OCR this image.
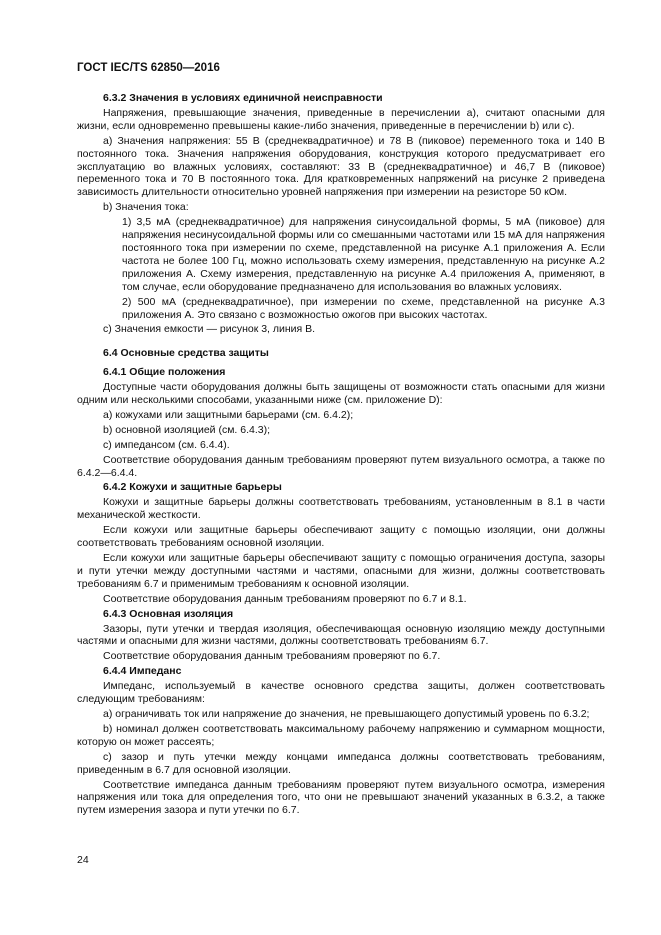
ГОСТ IEC/TS 62850—2016
6.3.2 Значения в условиях единичной неисправности
Напряжения, превышающие значения, приведенные в перечислении а), считают опасными для жизни, если одновременно превышены какие-либо значения, приведенные в перечислении b) или с).
а) Значения напряжения: 55 В (среднеквадратичное) и 78 В (пиковое) переменного тока и 140 В постоянного тока. Значения напряжения оборудования, конструкция которого предусматривает его эксплуатацию во влажных условиях, составляют: 33 В (среднеквадратичное) и 46,7 В (пиковое) переменного тока и 70 В постоянного тока. Для кратковременных напряжений на рисунке 2 приведена зависимость длительности относительно уровней напряжения при измерении на резисторе 50 кОм.
b) Значения тока:
1) 3,5 мА (среднеквадратичное) для напряжения синусоидальной формы, 5 мА (пиковое) для напряжения несинусоидальной формы или со смешанными частотами или 15 мА для напряжения постоянного тока при измерении по схеме, представленной на рисунке А.1 приложения А. Если частота не более 100 Гц, можно использовать схему измерения, представленную на рисунке А.2 приложения А. Схему измерения, представленную на рисунке А.4 приложения А, применяют, в том случае, если оборудование предназначено для использования во влажных условиях.
2) 500 мА (среднеквадратичное), при измерении по схеме, представленной на рисунке А.3 приложения А. Это связано с возможностью ожогов при высоких частотах.
с) Значения емкости — рисунок 3, линия В.
6.4 Основные средства защиты
6.4.1 Общие положения
Доступные части оборудования должны быть защищены от возможности стать опасными для жизни одним или несколькими способами, указанными ниже (см. приложение D):
а) кожухами или защитными барьерами (см. 6.4.2);
b) основной изоляцией (см. 6.4.3);
с) импедансом (см. 6.4.4).
Соответствие оборудования данным требованиям проверяют путем визуального осмотра, а также по 6.4.2—6.4.4.
6.4.2 Кожухи и защитные барьеры
Кожухи и защитные барьеры должны соответствовать требованиям, установленным в 8.1 в части механической жесткости.
Если кожухи или защитные барьеры обеспечивают защиту с помощью изоляции, они должны соответствовать требованиям основной изоляции.
Если кожухи или защитные барьеры обеспечивают защиту с помощью ограничения доступа, зазоры и пути утечки между доступными частями и частями, опасными для жизни, должны соответствовать требованиям 6.7 и применимым требованиям к основной изоляции.
Соответствие оборудования данным требованиям проверяют по 6.7 и 8.1.
6.4.3 Основная изоляция
Зазоры, пути утечки и твердая изоляция, обеспечивающая основную изоляцию между доступными частями и опасными для жизни частями, должны соответствовать требованиям 6.7.
Соответствие оборудования данным требованиям проверяют по 6.7.
6.4.4 Импеданс
Импеданс, используемый в качестве основного средства защиты, должен соответствовать следующим требованиям:
а) ограничивать ток или напряжение до значения, не превышающего допустимый уровень по 6.3.2;
b) номинал должен соответствовать максимальному рабочему напряжению и суммарном мощности, которую он может рассеять;
с) зазор и путь утечки между концами импеданса должны соответствовать требованиям, приведенным в 6.7 для основной изоляции.
Соответствие импеданса данным требованиям проверяют путем визуального осмотра, измерения напряжения или тока для определения того, что они не превышают значений указанных в 6.3.2, а также путем измерения зазора и пути утечки по 6.7.
24
